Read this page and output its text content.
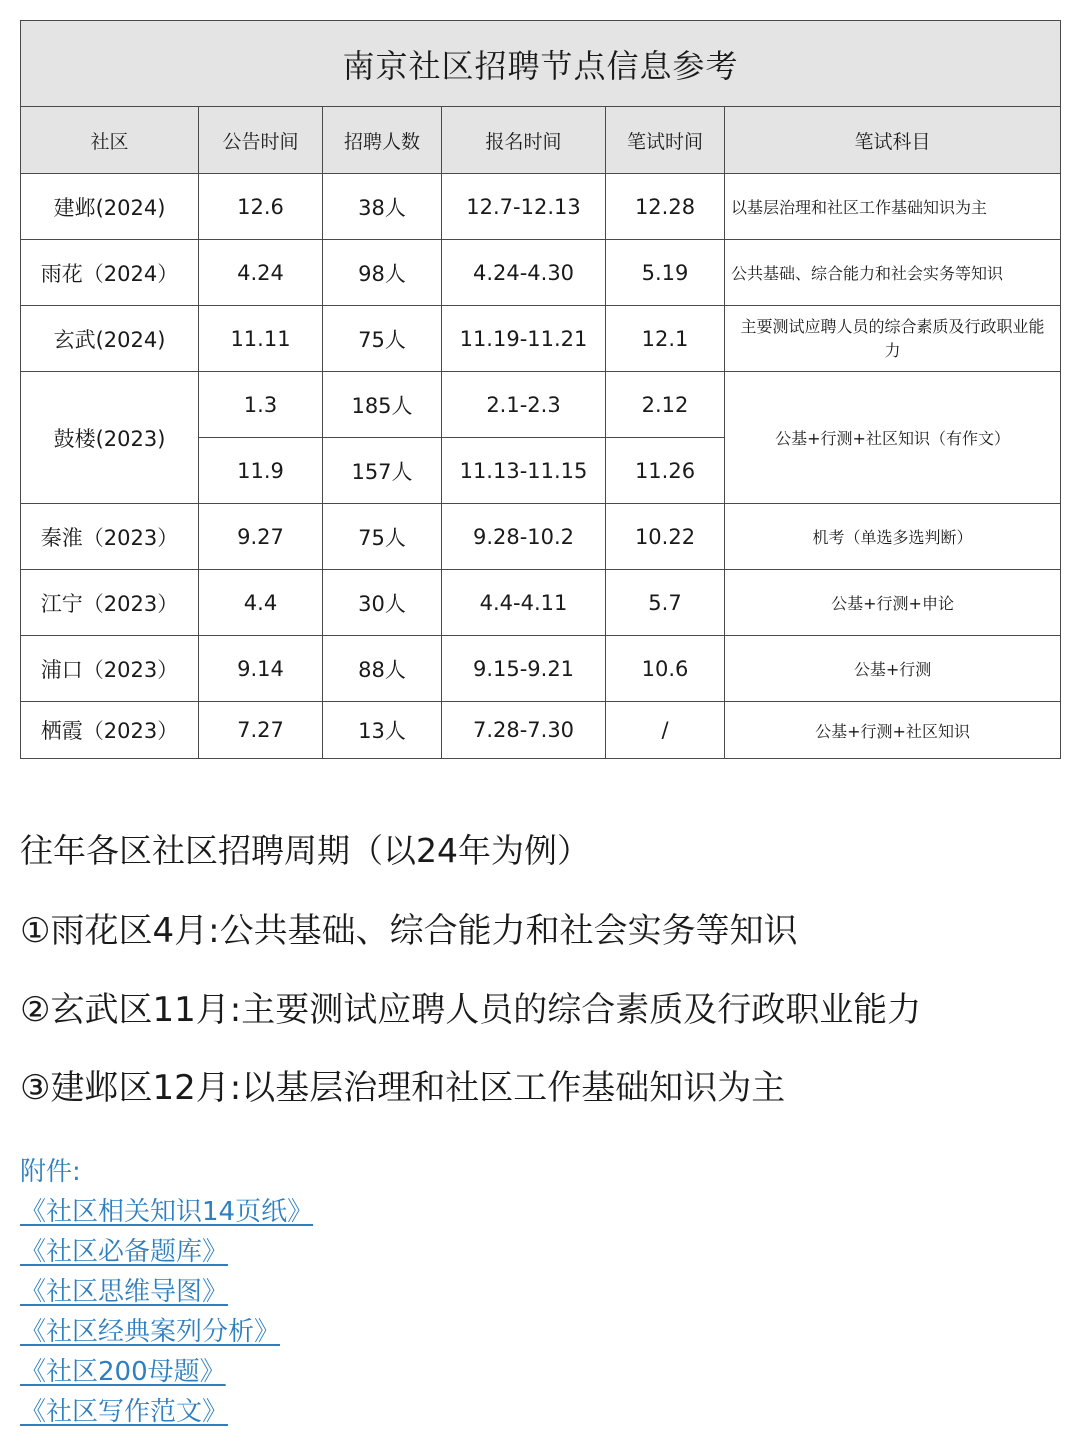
南京社区招聘节点信息参考					
社区	公告时间	招聘人数	报名时间	笔试时间	笔试科目
建邺(2024)	12.6	38人	12.7-12.13	12.28	以基层治理和社区工作基础知识为主
雨花（2024）	4.24	98人	4.24-4.30	5.19	公共基础、综合能力和社会实务等知识
玄武(2024)	11.11	75人	11.19-11.21	12.1	主要测试应聘人员的综合素质及行政职业能力
鼓楼(2023)	1.3	185人	2.1-2.3	2.12	公基+行测+社区知识（有作文）
	11.9	157人	11.13-11.15	11.26	
秦淮（2023）	9.27	75人	9.28-10.2	10.22	机考（单选多选判断）
江宁（2023）	4.4	30人	4.4-4.11	5.7	公基+行测+申论
浦口（2023）	9.14	88人	9.15-9.21	10.6	公基+行测
栖霞（2023）	7.27	13人	7.28-7.30	/	公基+行测+社区知识
往年各区社区招聘周期（以24年为例）
①雨花区4月:公共基础、综合能力和社会实务等知识
②玄武区11月:主要测试应聘人员的综合素质及行政职业能力
③建邺区12月:以基层治理和社区工作基础知识为主
附件:
《社区相关知识14页纸》
《社区必备题库》
《社区思维导图》
《社区经典案列分析》
《社区200母题》
《社区写作范文》
